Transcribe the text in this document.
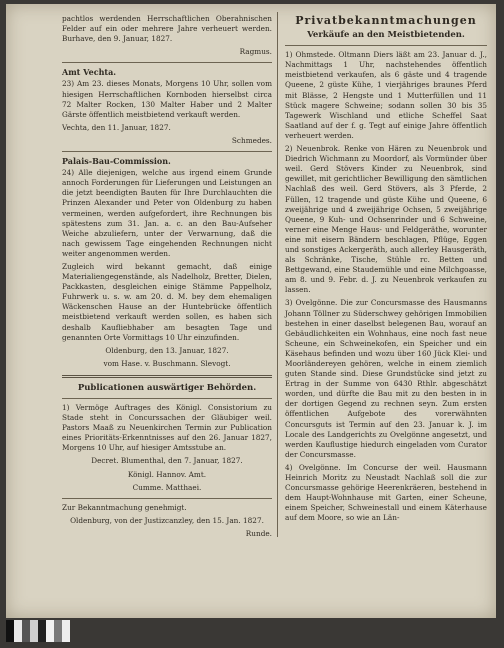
pachtlos werdenden Herrschaftlichen Oberahnischen Felder auf ein oder mehrere Jahre verheuert werden. Burhave, den 9. Januar, 1827.

Ragmus.

Amt Vechta.

23) Am 23. dieses Monats, Morgens 10 Uhr, sollen vom hiesigen Herrschaftlichen Kornboden hierselbst circa 72 Malter Rocken, 130 Malter Haber und 2 Malter Gärste öffentlich meistbietend verkauft werden.

Vechta, den 11. Januar, 1827.

Schmedes.

Palais-Bau-Commission.

24) Alle diejenigen, welche aus irgend einem Grunde annoch Forderungen für Lieferungen und Leistungen an die jetzt beendigten Bauten für Ihre Durchlauchten die Prinzen Alexander und Peter von Oldenburg zu haben vermeinen, werden aufgefordert, ihre Rechnungen bis spätestens zum 31. Jan. a. c. an den Bau-Aufseher Weiche abzuliefern, unter der Verwarnung, daß die nach gewissem Tage eingehenden Rechnungen nicht weiter angenommen werden.

Zugleich wird bekannt gemacht, daß einige Materialiengegenstände, als Nadelholz, Bretter, Dielen, Packkasten, desgleichen einige Stämme Pappelholz, Fuhrwerk u. s. w. am 20. d. M. bey dem ehemaligen Wäckenschen Hause an der Huntebrücke öffentlich meistbietend verkauft werden sollen, es haben sich deshalb Kaufliebhaber am besagten Tage und genannten Orte Vormittags 10 Uhr einzufinden.

Oldenburg, den 13. Januar, 1827.

vom Hase. v. Buschmann. Slevogt.

Publicationen auswärtiger Behörden.

1) Vermöge Auftrages des Königl. Consistorium zu Stade steht in Concurssachen der Gläubiger weil. Pastors Maaß zu Neuenkirchen Termin zur Publication eines Prioritäts-Erkenntnisses auf den 26. Januar 1827, Morgens 10 Uhr, auf hiesiger Amtsstube an.

Decret. Blumenthal, den 7. Januar, 1827.

Königl. Hannov. Amt.

Cummе. Matthaei.

Zur Bekanntmachung genehmigt.

Oldenburg, von der Justizcanzley, den 15. Jan. 1827.

Runde.

Privatbekanntmachungen
Verkäufe an den Meistbietenden.

1) Ohmstede. Oltmann Diers läßt am 23. Januar d. J., Nachmittags 1 Uhr, nachstehendes öffentlich meistbietend verkaufen, als 6 gäste und 4 tragende Queene, 2 güste Kühe, 1 vierjähriges braunes Pferd mit Blässe, 2 Hengste und 1 Mutterfüllen und 11 Stück magere Schweine; sodann sollen 30 bis 35 Tagewerk Wischland und etliche Scheffel Saat Saatland auf der f. g. Tegt auf einige Jahre öffentlich verheuert werden.

2) Neuenbrok. Renke von Hären zu Neuenbrok und Diedrich Wichmann zu Moordorf, als Vormünder über weil. Gerd Stövers Kinder zu Neuenbrok, sind gewillet, mit gerichtlicher Bewilligung den sämtlichen Nachlaß des weil. Gerd Stövers, als 3 Pferde, 2 Füllen, 12 tragende und güste Kühe und Queene, 6 zweijährige und 4 zweijährige Ochsen, 5 zweijährige Queene, 9 Kuh- und Ochsenrinder und 6 Schweine, verner eine Menge Haus- und Feldgeräthe, worunter eine mit eisern Bändern beschlagen, Pflüge, Eggen und sonstiges Ackergeräth, auch allerley Hausgeräth, als Schränke, Tische, Stühle rc. Betten und Bettgewand, eine Staudemühle und eine Milchgoasse, am 8. und 9. Febr. d. J. zu Neuenbrok verkaufen zu lassen.

3) Ovelgönne. Die zur Concursmasse des Hausmanns Johann Töllner zu Süderschwey gehörigen Immobilien bestehen in einer daselbst belegenen Bau, worauf an Gebäudlichkeiten ein Wohnhaus, eine noch fast neue Scheune, ein Schweinekofen, ein Speicher und ein Käsehaus befinden und wozu über 160 Jück Klei- und Moorländereyen gehören, welche in einem ziemlich guten Stande sind. Diese Grundstücke sind jetzt zu Ertrag in der Summe von 6430 Rthlr. abgeschätzt worden, und dürfte die Bau mit zu den besten in in der dortigen Gegend zu rechnen seyn. Zum ersten öffentlichen Aufgebote des vorerwähnten Concursguts ist Termin auf den 23. Januar k. J. im Locale des Landgerichts zu Ovelgönne angesetzt, und werden Kauflustige hiedurch eingeladen vom Curator der Concursmasse.

4) Ovelgönne. Im Concurse der weil. Hausmann Heinrich Moritz zu Neustadt Nachlaß soll die zur Concursmasse gehörige Heerenkräeren, bestehend in dem Haupt-Wohnhause mit Garten, einer Scheune, einem Speicher, Schweinestall und einem Käterhause auf dem Moore, so wie an Län-
